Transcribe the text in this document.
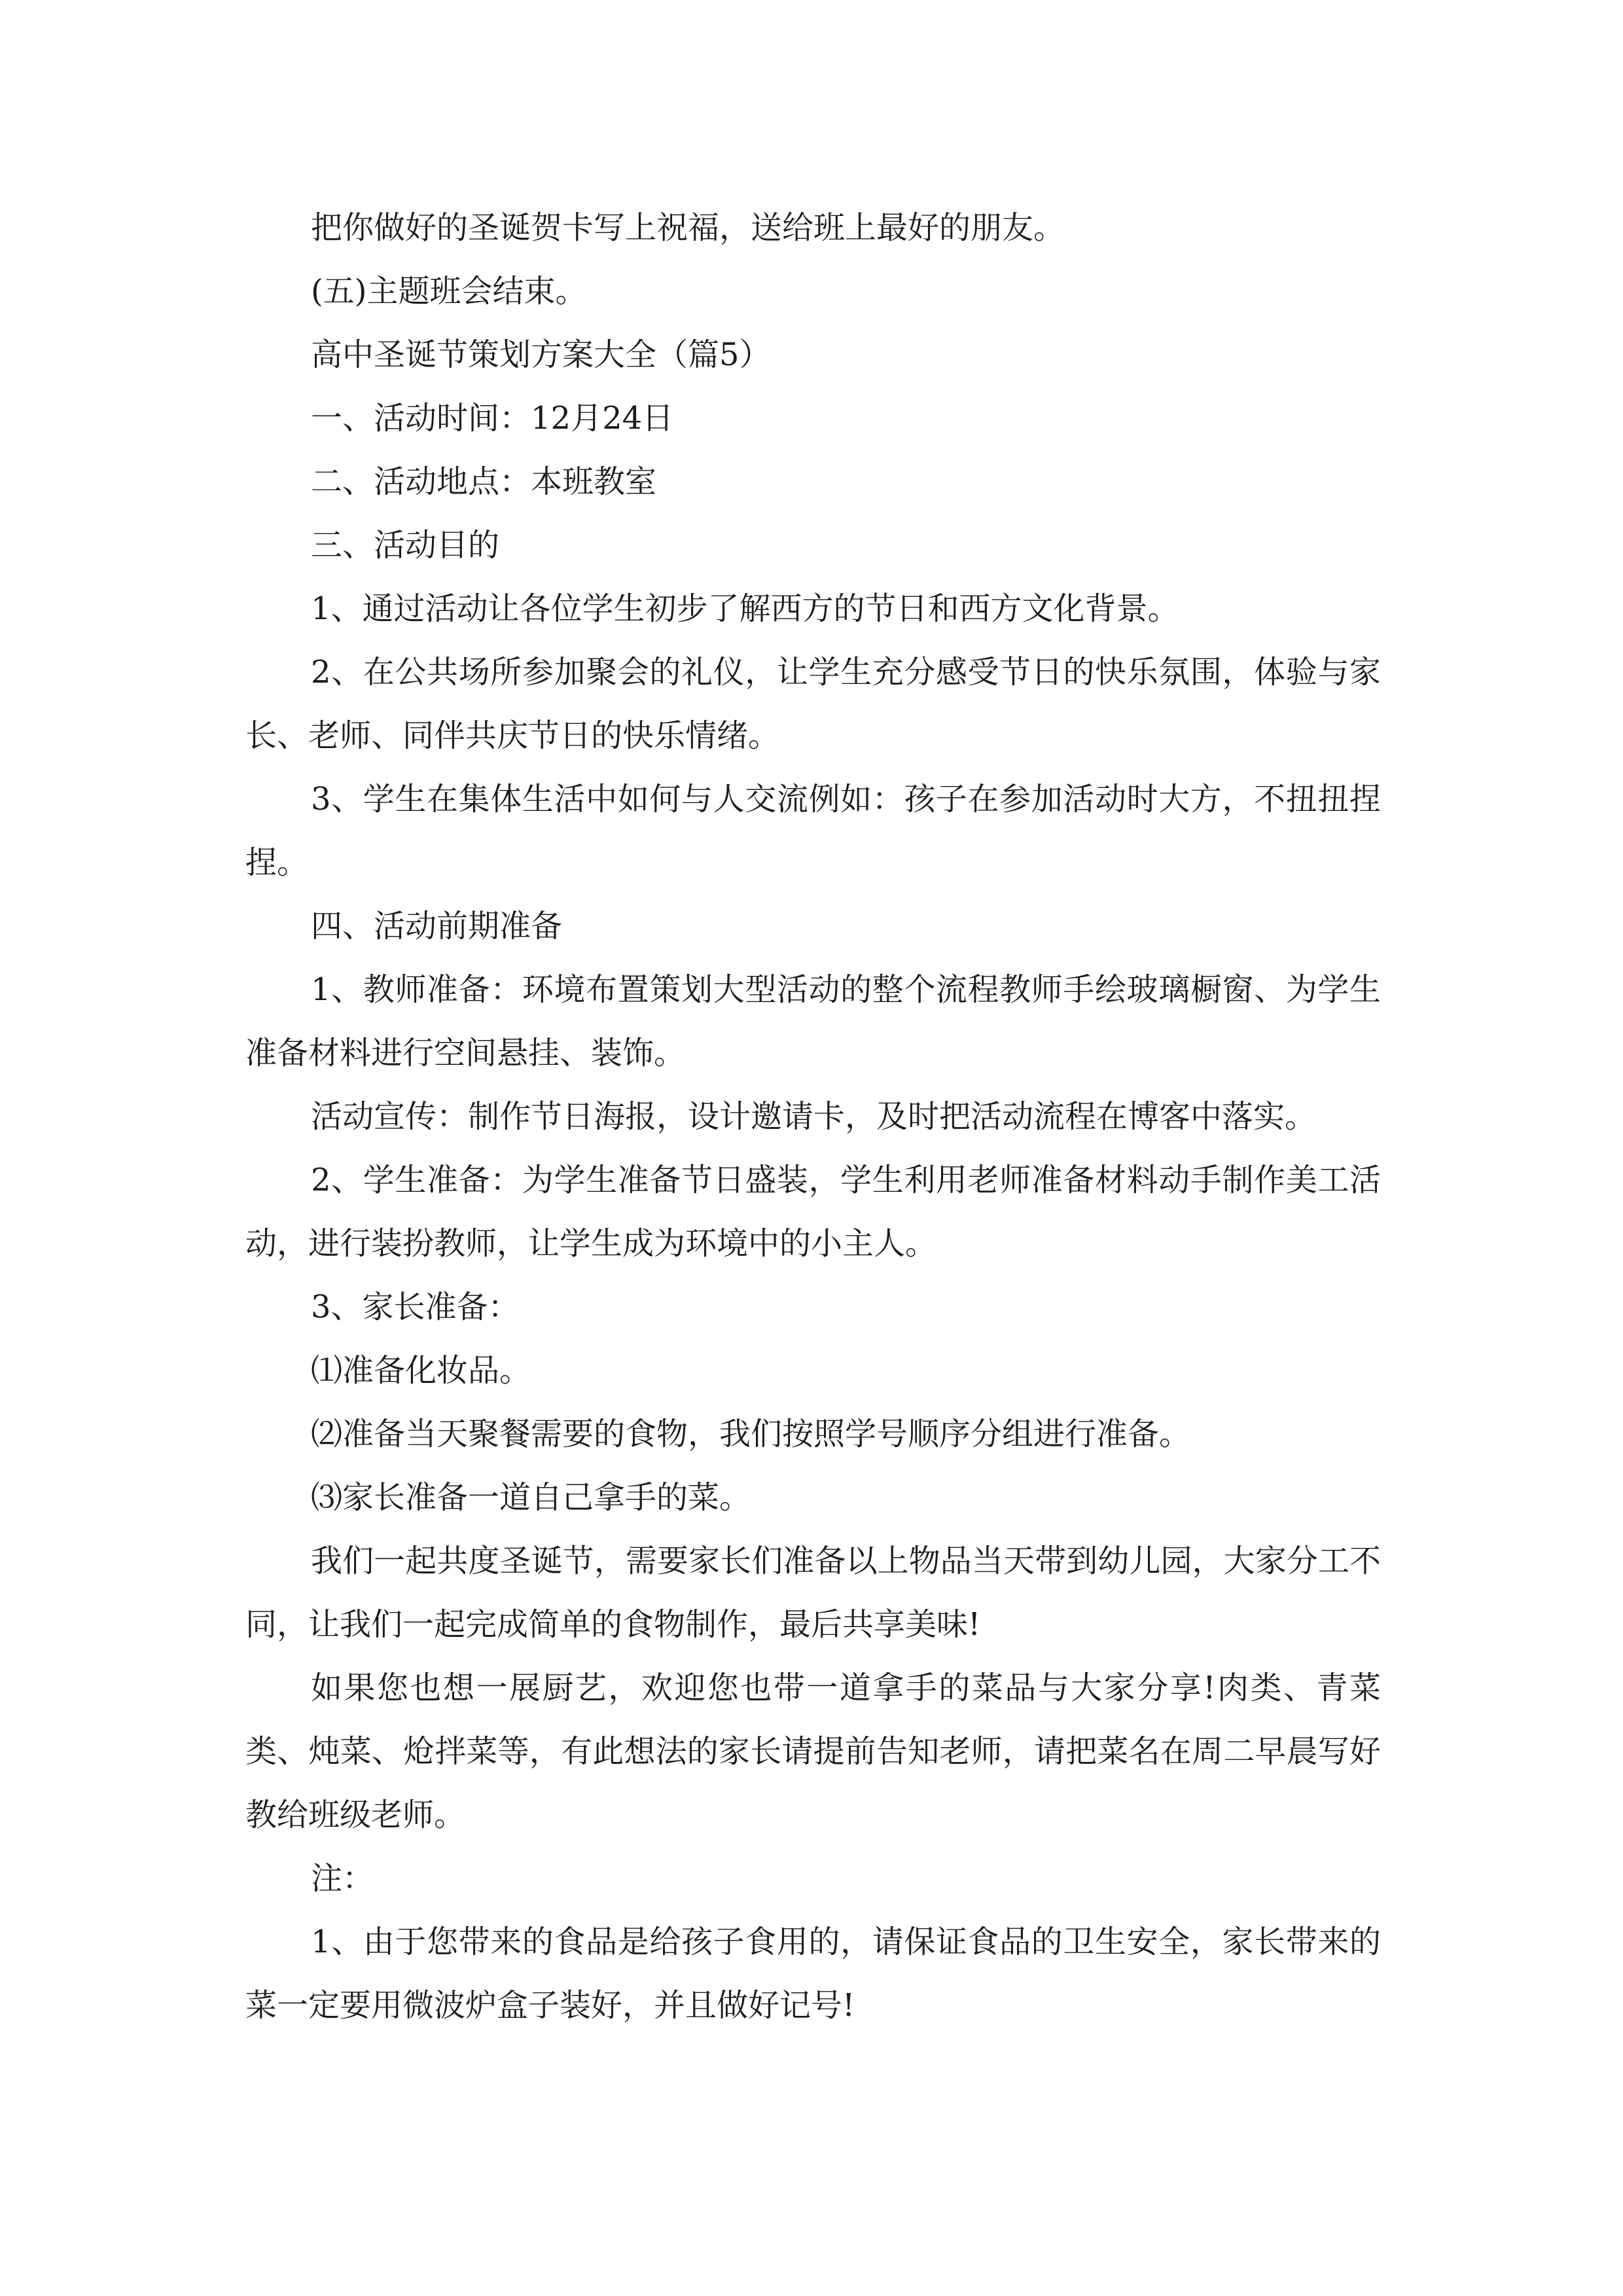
把你做好的圣诞贺卡写上祝福，送给班上最好的朋友。

(五)主题班会结束。

高中圣诞节策划方案大全（篇5）

一、活动时间：12月24日

二、活动地点：本班教室

三、活动目的

1、通过活动让各位学生初步了解西方的节日和西方文化背景。

2、在公共场所参加聚会的礼仪，让学生充分感受节日的快乐氛围，体验与家长、老师、同伴共庆节日的快乐情绪。

3、学生在集体生活中如何与人交流例如：孩子在参加活动时大方，不扭扭捏捏。

四、活动前期准备

1、教师准备：环境布置策划大型活动的整个流程教师手绘玻璃橱窗、为学生准备材料进行空间悬挂、装饰。

活动宣传：制作节日海报，设计邀请卡，及时把活动流程在博客中落实。

2、学生准备：为学生准备节日盛装，学生利用老师准备材料动手制作美工活动，进行装扮教师，让学生成为环境中的小主人。

3、家长准备：

⑴准备化妆品。

⑵准备当天聚餐需要的食物，我们按照学号顺序分组进行准备。

⑶家长准备一道自己拿手的菜。

我们一起共度圣诞节，需要家长们准备以上物品当天带到幼儿园，大家分工不同，让我们一起完成简单的食物制作，最后共享美味!

如果您也想一展厨艺，欢迎您也带一道拿手的菜品与大家分享!肉类、青菜类、炖菜、炝拌菜等，有此想法的家长请提前告知老师，请把菜名在周二早晨写好教给班级老师。

注：

1、由于您带来的食品是给孩子食用的，请保证食品的卫生安全，家长带来的菜一定要用微波炉盒子装好，并且做好记号!
